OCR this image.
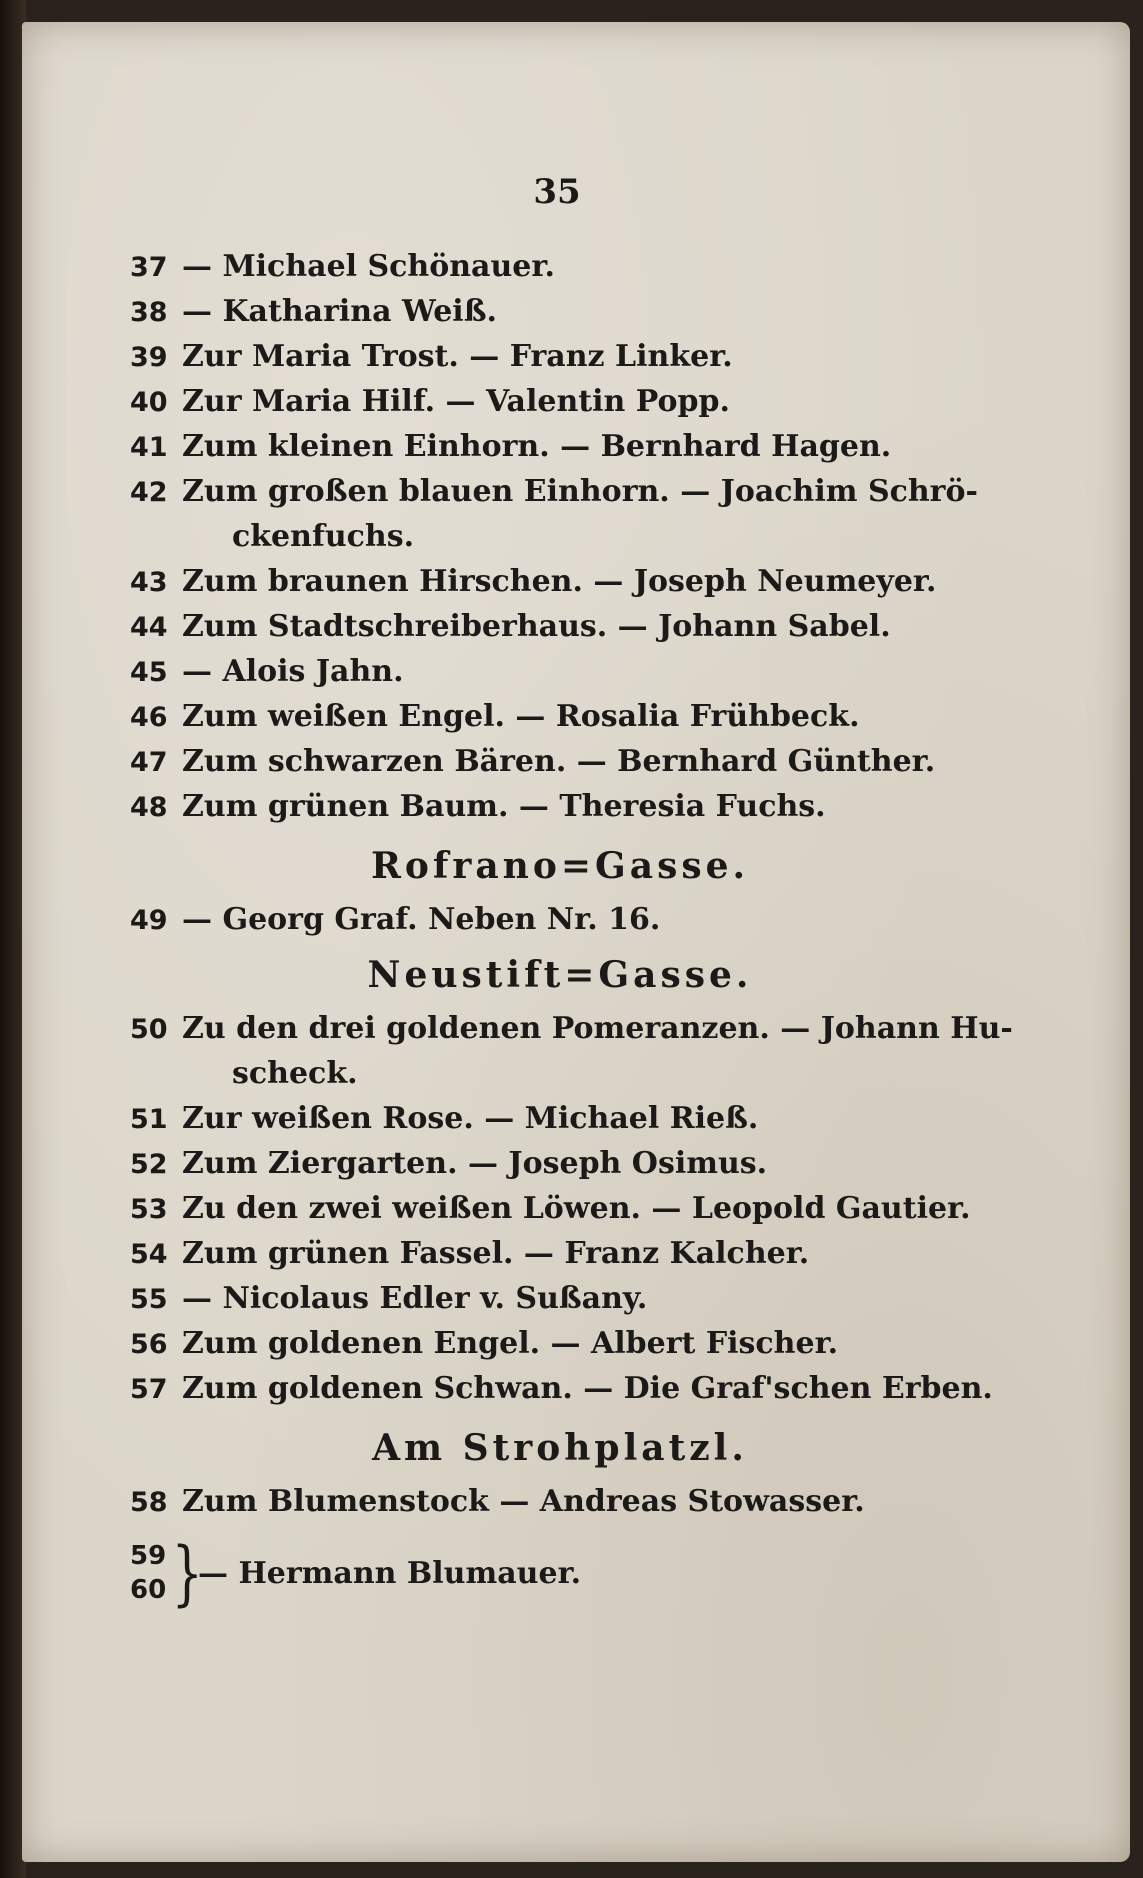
35
37 — Michael Schönauer.
38 — Katharina Weiß.
39 Zur Maria Trost. — Franz Linker.
40 Zur Maria Hilf. — Valentin Popp.
41 Zum kleinen Einhorn. — Bernhard Hagen.
42 Zum großen blauen Einhorn. — Joachim Schrö-
ckenfuchs.
43 Zum braunen Hirschen. — Joseph Neumeyer.
44 Zum Stadtschreiberhaus. — Johann Sabel.
45 — Alois Jahn.
46 Zum weißen Engel. — Rosalia Frühbeck.
47 Zum schwarzen Bären. — Bernhard Günther.
48 Zum grünen Baum. — Theresia Fuchs.
Rofrano=Gasse.
49 — Georg Graf. Neben Nr. 16.
Neustift=Gasse.
50 Zu den drei goldenen Pomeranzen. — Johann Hu-
scheck.
51 Zur weißen Rose. — Michael Rieß.
52 Zum Ziergarten. — Joseph Osimus.
53 Zu den zwei weißen Löwen. — Leopold Gautier.
54 Zum grünen Fassel. — Franz Kalcher.
55 — Nicolaus Edler v. Sußany.
56 Zum goldenen Engel. — Albert Fischer.
57 Zum goldenen Schwan. — Die Graf'schen Erben.
Am Strohplatzl.
58 Zum Blumenstock — Andreas Stowasser.
59
60 }
— Hermann Blumauer.
